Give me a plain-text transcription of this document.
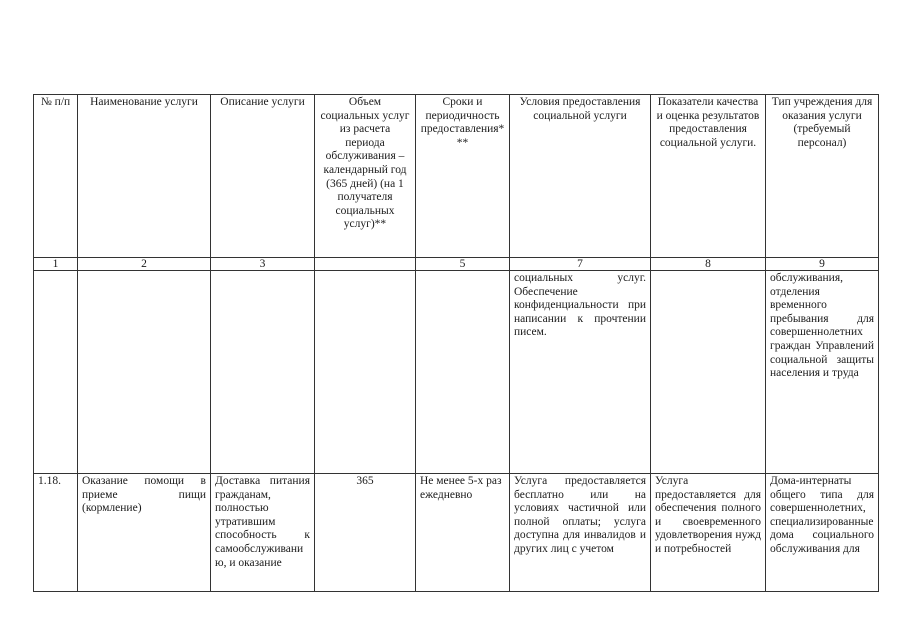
№ п/п	Наименование услуги	Описание услуги	Объем социальных услуг из расчета периода обслуживания – календарный год (365 дней) (на 1 получателя социальных услуг)**	Сроки и периодичность предоставления***	Условия предоставления социальной услуги	Показатели качества и оценка результатов предоставления социальной услуги.	Тип учреждения для оказания услуги (требуемый персонал)
1	2	3		5	7	8	9
					социальных услуг. Обеспечение конфиденциальности при написании к прочтении писем.		обслуживания, отделения временного пребывания для совершеннолетних граждан Управлений социальной защиты населения и труда
1.18.	Оказание помощи в приеме пищи (кормление)	Доставка питания гражданам, полностью утратившим способность к самообслуживанию, и оказание	365	Не менее 5-х раз ежедневно	Услуга предоставляется бесплатно или на условиях частичной или полной оплаты; услуга доступна для инвалидов и других лиц с учетом	Услуга предоставляется для обеспечения полного и своевременного удовлетворения нужд и потребностей	Дома-интернаты общего типа для совершеннолетних, специализированные дома социального обслуживания для
